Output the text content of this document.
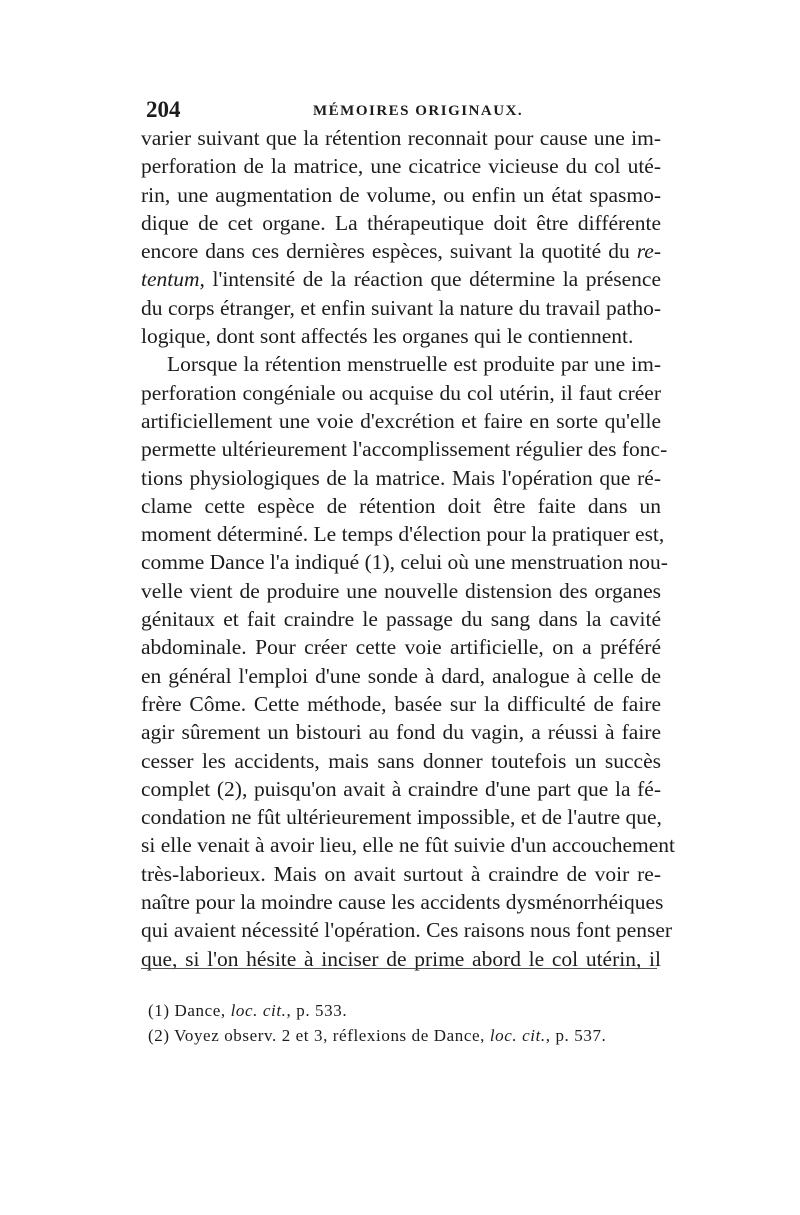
204	MÉMOIRES ORIGINAUX.
varier suivant que la rétention reconnait pour cause une im-
perforation de la matrice, une cicatrice vicieuse du col uté-
rin, une augmentation de volume, ou enfin un état spasmo-
dique de cet organe. La thérapeutique doit être différente
encore dans ces dernières espèces, suivant la quotité du re-
tentum, l'intensité de la réaction que détermine la présence
du corps étranger, et enfin suivant la nature du travail patho-
logique, dont sont affectés les organes qui le contiennent.
Lorsque la rétention menstruelle est produite par une im-
perforation congéniale ou acquise du col utérin, il faut créer
artificiellement une voie d'excrétion et faire en sorte qu'elle
permette ultérieurement l'accomplissement régulier des fonc-
tions physiologiques de la matrice. Mais l'opération que ré-
clame cette espèce de rétention doit être faite dans un
moment déterminé. Le temps d'élection pour la pratiquer est,
comme Dance l'a indiqué (1), celui où une menstruation nou-
velle vient de produire une nouvelle distension des organes
génitaux et fait craindre le passage du sang dans la cavité
abdominale. Pour créer cette voie artificielle, on a préféré
en général l'emploi d'une sonde à dard, analogue à celle de
frère Côme. Cette méthode, basée sur la difficulté de faire
agir sûrement un bistouri au fond du vagin, a réussi à faire
cesser les accidents, mais sans donner toutefois un succès
complet (2), puisqu'on avait à craindre d'une part que la fé-
condation ne fût ultérieurement impossible, et de l'autre que,
si elle venait à avoir lieu, elle ne fût suivie d'un accouchement
très-laborieux. Mais on avait surtout à craindre de voir re-
naître pour la moindre cause les accidents dysménorrhéiques
qui avaient nécessité l'opération. Ces raisons nous font penser
que, si l'on hésite à inciser de prime abord le col utérin, il
(1) Dance, loc. cit., p. 533.
(2) Voyez observ. 2 et 3, réflexions de Dance, loc. cit., p. 537.
